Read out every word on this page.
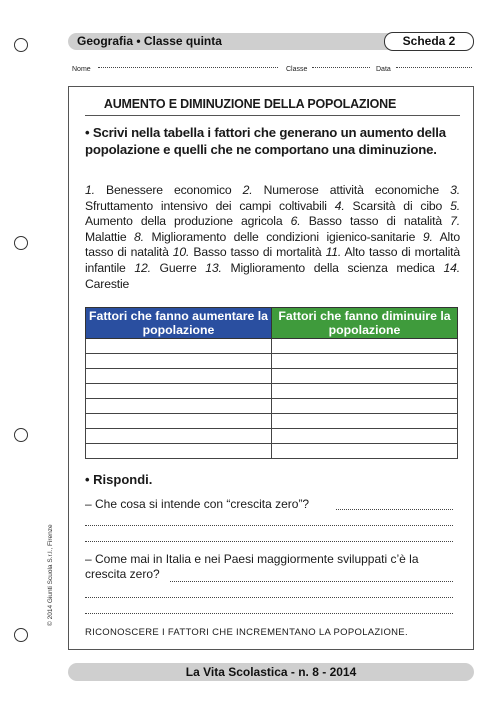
Geografia • Classe quinta	Scheda 2
Nome	Classe	Data
AUMENTO E DIMINUZIONE DELLA POPOLAZIONE
• Scrivi nella tabella i fattori che generano un aumento della popolazione e quelli che ne comportano una diminuzione.
1. Benessere economico 2. Numerose attività economiche 3. Sfruttamento intensivo dei campi coltivabili 4. Scarsità di cibo 5. Aumento della produzione agricola 6. Basso tasso di natalità 7. Malattie 8. Miglioramento delle condizioni igienico-sanitarie 9. Alto tasso di natalità 10. Basso tasso di mortalità 11. Alto tasso di mortalità infantile 12. Guerre 13. Miglioramento della scienza medica 14. Carestie
Fattori che fanno aumentare la popolazione	Fattori che fanno diminuire la popolazione

• Rispondi.
– Che cosa si intende con “crescita zero”?
– Come mai in Italia e nei Paesi maggiormente sviluppati c’è la crescita zero?
RICONOSCERE I FATTORI CHE INCREMENTANO LA POPOLAZIONE.
© 2014 Giunti Scuola S.r.l., Firenze
La Vita Scolastica - n. 8 - 2014
